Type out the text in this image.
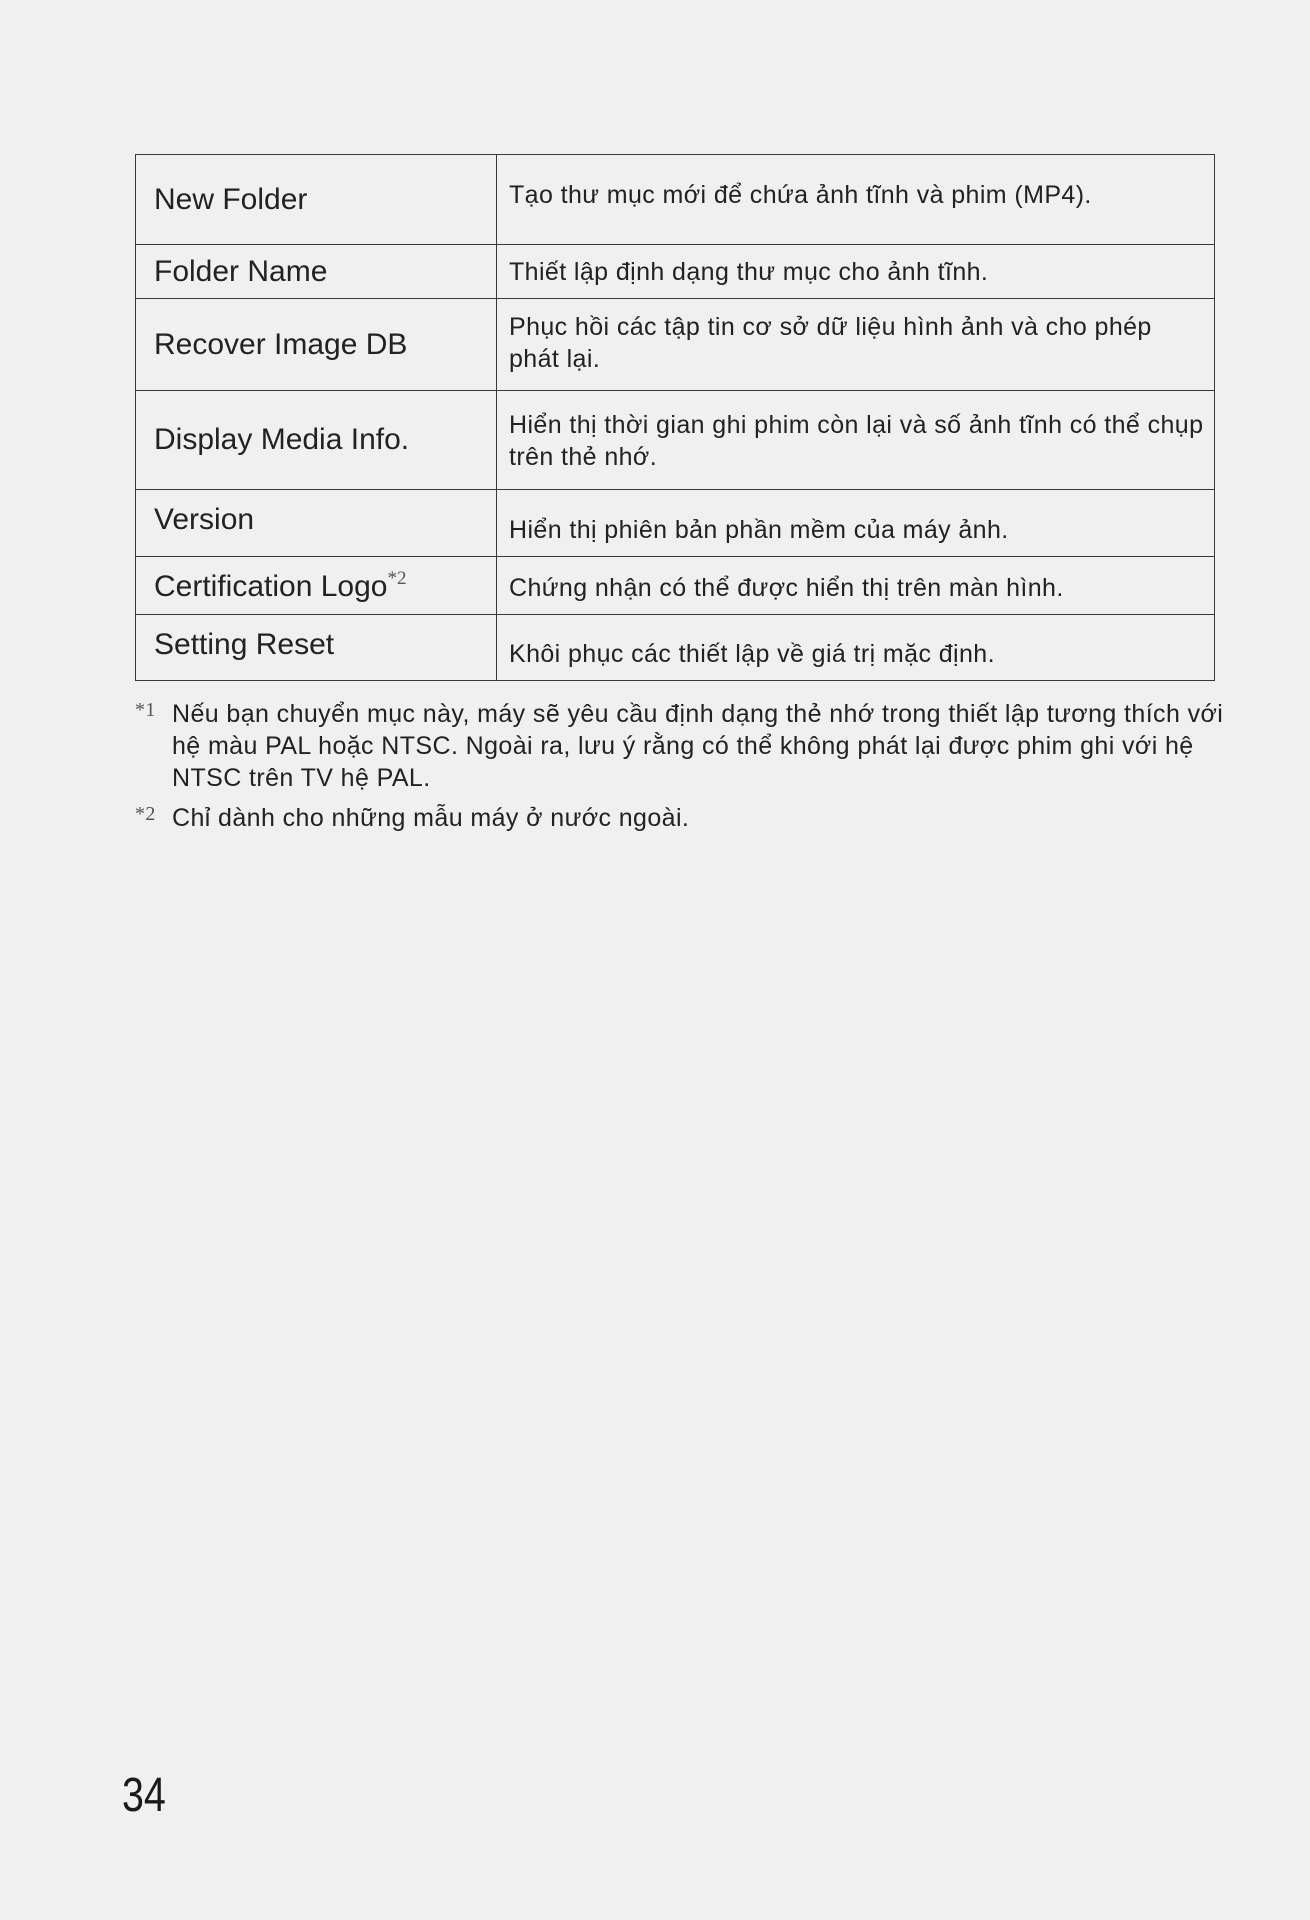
New Folder	Tạo thư mục mới để chứa ảnh tĩnh và phim (MP4).
Folder Name	Thiết lập định dạng thư mục cho ảnh tĩnh.
Recover Image DB	Phục hồi các tập tin cơ sở dữ liệu hình ảnh và cho phép phát lại.
Display Media Info.	Hiển thị thời gian ghi phim còn lại và số ảnh tĩnh có thể chụp trên thẻ nhớ.
Version	Hiển thị phiên bản phần mềm của máy ảnh.
Certification Logo$^{*2}$	Chứng nhận có thể được hiển thị trên màn hình.
Setting Reset	Khôi phục các thiết lập về giá trị mặc định.
*1 Nếu bạn chuyển mục này, máy sẽ yêu cầu định dạng thẻ nhớ trong thiết lập tương thích với hệ màu PAL hoặc NTSC. Ngoài ra, lưu ý rằng có thể không phát lại được phim ghi với hệ NTSC trên TV hệ PAL.
*2 Chỉ dành cho những mẫu máy ở nước ngoài.
34
